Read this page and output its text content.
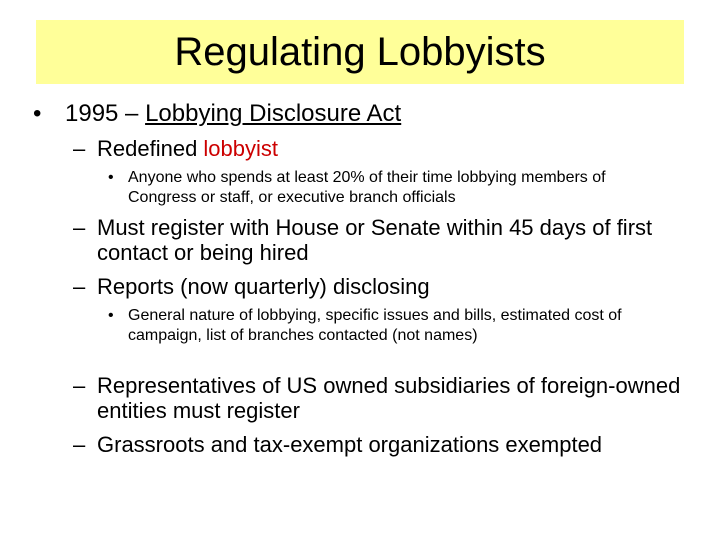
Regulating Lobbyists
• 1995 – Lobbying Disclosure Act
– Redefined lobbyist
• Anyone who spends at least 20% of their time lobbying members of Congress or staff, or executive branch officials
– Must register with House or Senate within 45 days of first contact or being hired
– Reports (now quarterly) disclosing
• General nature of lobbying, specific issues and bills, estimated cost of campaign, list of branches contacted (not names)
– Representatives of US owned subsidiaries of foreign-owned entities must register
– Grassroots and tax-exempt organizations exempted
